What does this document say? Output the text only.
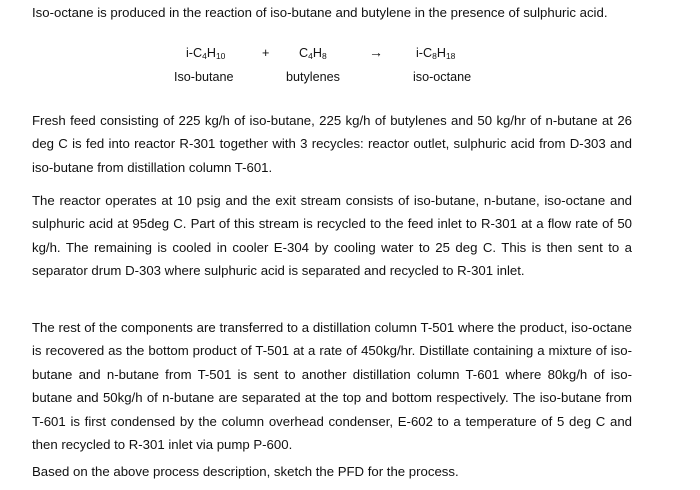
Iso-octane is produced in the reaction of iso-butane and butylene in the presence of sulphuric acid.

$i-C_4H_{10}$	+ $C_4H_8$	→	$i-C_8H_{18}$
Iso-butane	butylenes	iso-octane

Fresh feed consisting of 225 kg/h of iso-butane, 225 kg/h of butylenes and 50 kg/hr of n-butane at 26 deg C is fed into reactor R-301 together with 3 recycles: reactor outlet, sulphuric acid from D-303 and iso-butane from distillation column T-601.

The reactor operates at 10 psig and the exit stream consists of iso-butane, n-butane, iso-octane and sulphuric acid at 95deg C. Part of this stream is recycled to the feed inlet to R-301 at a flow rate of 50 kg/h. The remaining is cooled in cooler E-304 by cooling water to 25 deg C. This is then sent to a separator drum D-303 where sulphuric acid is separated and recycled to R-301 inlet.

The rest of the components are transferred to a distillation column T-501 where the product, iso-octane is recovered as the bottom product of T-501 at a rate of 450kg/hr. Distillate containing a mixture of iso-butane and n-butane from T-501 is sent to another distillation column T-601 where 80kg/h of iso-butane and 50kg/h of n-butane are separated at the top and bottom respectively. The iso-butane from T-601 is first condensed by the column overhead condenser, E-602 to a temperature of 5 deg C and then recycled to R-301 inlet via pump P-600.

Based on the above process description, sketch the PFD for the process.
